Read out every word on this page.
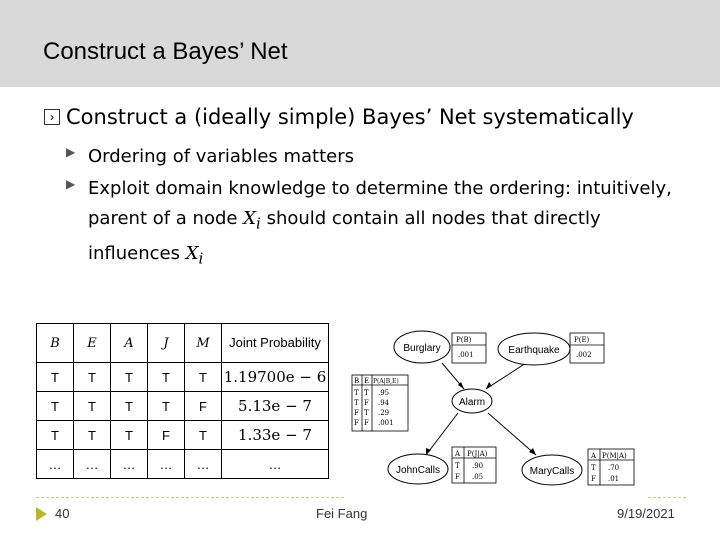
Construct a Bayes’ Net
› Construct a (ideally simple) Bayes’ Net systematically
▶ Ordering of variables matters
▶ Exploit domain knowledge to determine the ordering: intuitively, parent of a node $X_i$ should contain all nodes that directly influences $X_i$
B	E	A	J	M	Joint Probability
T	T	T	T	T	1.19700e − 6
T	T	T	T	F	5.13e − 7
T	T	T	F	T	1.33e − 7
…	…	…	…	…	…
Burglary	Earthquake
Alarm
JohnCalls	MaryCalls
P(B)
.001
P(E)
.002
B E P(A|B,E)
T T .95
T F .94
F T .29
F F .001
A P(J|A)
T .90
F .05
A P(M|A)
T .70
F .01
40	Fei Fang	9/19/2021
